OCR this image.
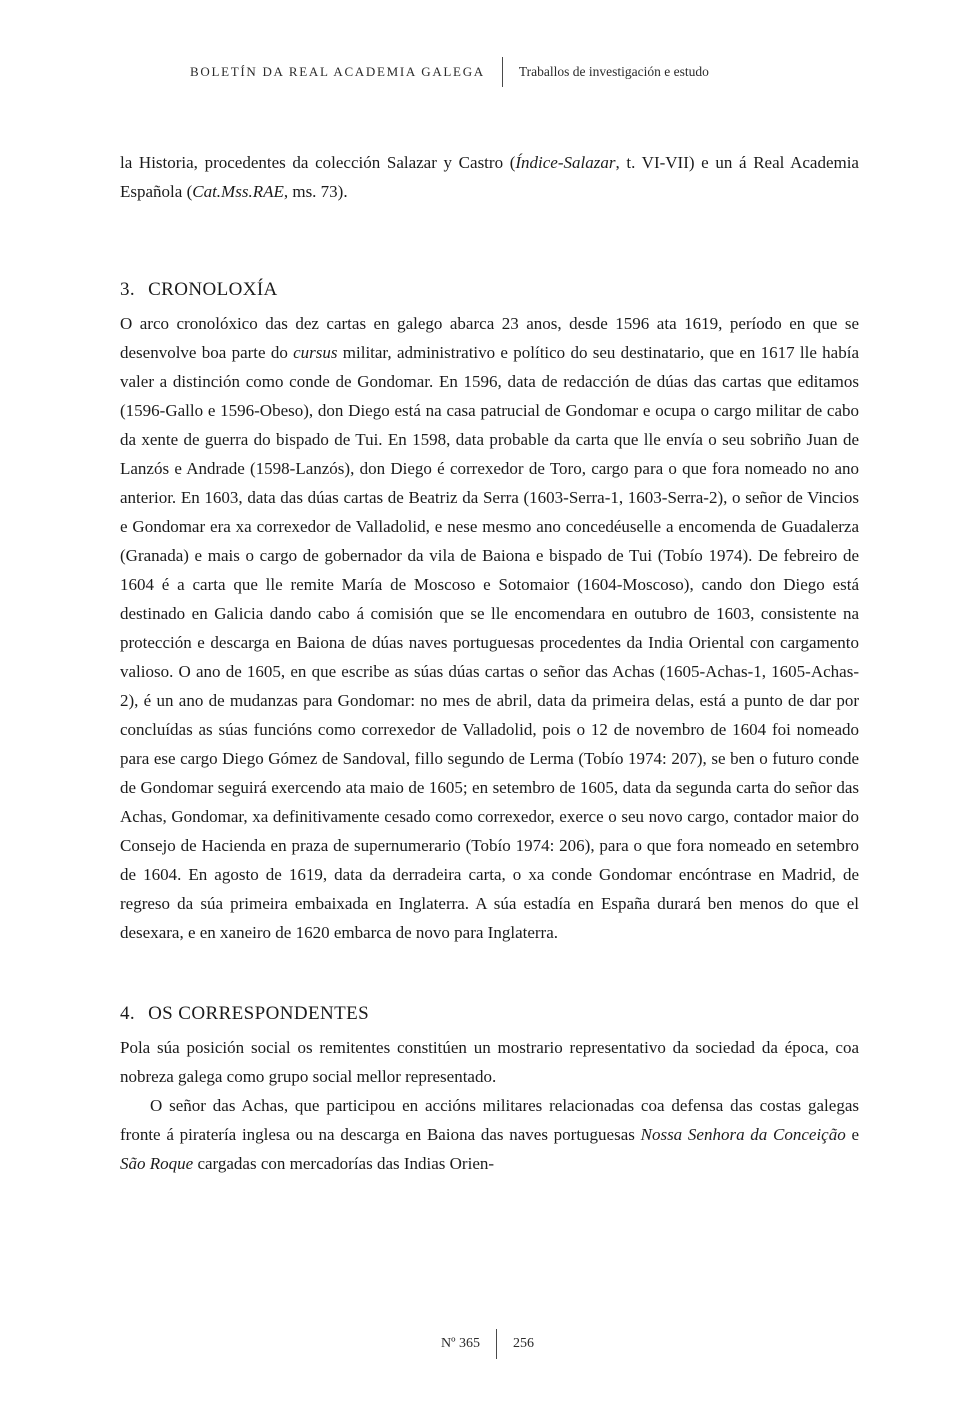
BOLETÍN DA REAL ACADEMIA GALEGA	Traballos de investigación e estudo

la Historia, procedentes da colección Salazar y Castro (Índice-Salazar, t. VI-VII) e un á Real Academia Española (Cat.Mss.RAE, ms. 73).

3. CRONOLOXÍA

O arco cronolóxico das dez cartas en galego abarca 23 anos, desde 1596 ata 1619, período en que se desenvolve boa parte do cursus militar, administrativo e político do seu destinatario, que en 1617 lle había valer a distinción como conde de Gondomar. En 1596, data de redacción de dúas das cartas que editamos (1596-Gallo e 1596-Obeso), don Diego está na casa patrucial de Gondomar e ocupa o cargo militar de cabo da xente de guerra do bispado de Tui. En 1598, data probable da carta que lle envía o seu sobriño Juan de Lanzós e Andrade (1598-Lanzós), don Diego é correxedor de Toro, cargo para o que fora nomeado no ano anterior. En 1603, data das dúas cartas de Beatriz da Serra (1603-Serra-1, 1603-Serra-2), o señor de Vincios e Gondomar era xa correxedor de Valladolid, e nese mesmo ano concedéuselle a encomenda de Guadalerza (Granada) e mais o cargo de gobernador da vila de Baiona e bispado de Tui (Tobío 1974). De febreiro de 1604 é a carta que lle remite María de Moscoso e Sotomaior (1604-Moscoso), cando don Diego está destinado en Galicia dando cabo á comisión que se lle encomendara en outubro de 1603, consistente na protección e descarga en Baiona de dúas naves portuguesas procedentes da India Oriental con cargamento valioso. O ano de 1605, en que escribe as súas dúas cartas o señor das Achas (1605-Achas-1, 1605-Achas-2), é un ano de mudanzas para Gondomar: no mes de abril, data da primeira delas, está a punto de dar por concluídas as súas funcións como correxedor de Valladolid, pois o 12 de novembro de 1604 foi nomeado para ese cargo Diego Gómez de Sandoval, fillo segundo de Lerma (Tobío 1974: 207), se ben o futuro conde de Gondomar seguirá exercendo ata maio de 1605; en setembro de 1605, data da segunda carta do señor das Achas, Gondomar, xa definitivamente cesado como correxedor, exerce o seu novo cargo, contador maior do Consejo de Hacienda en praza de supernumerario (Tobío 1974: 206), para o que fora nomeado en setembro de 1604. En agosto de 1619, data da derradeira carta, o xa conde Gondomar encóntrase en Madrid, de regreso da súa primeira embaixada en Inglaterra. A súa estadía en España durará ben menos do que el desexara, e en xaneiro de 1620 embarca de novo para Inglaterra.

4. OS CORRESPONDENTES

Pola súa posición social os remitentes constitúen un mostrario representativo da sociedad da época, coa nobreza galega como grupo social mellor representado.

O señor das Achas, que participou en accións militares relacionadas coa defensa das costas galegas fronte á piratería inglesa ou na descarga en Baiona das naves portuguesas Nossa Senhora da Conceição e São Roque cargadas con mercadorías das Indias Orien-

Nº 365 256
